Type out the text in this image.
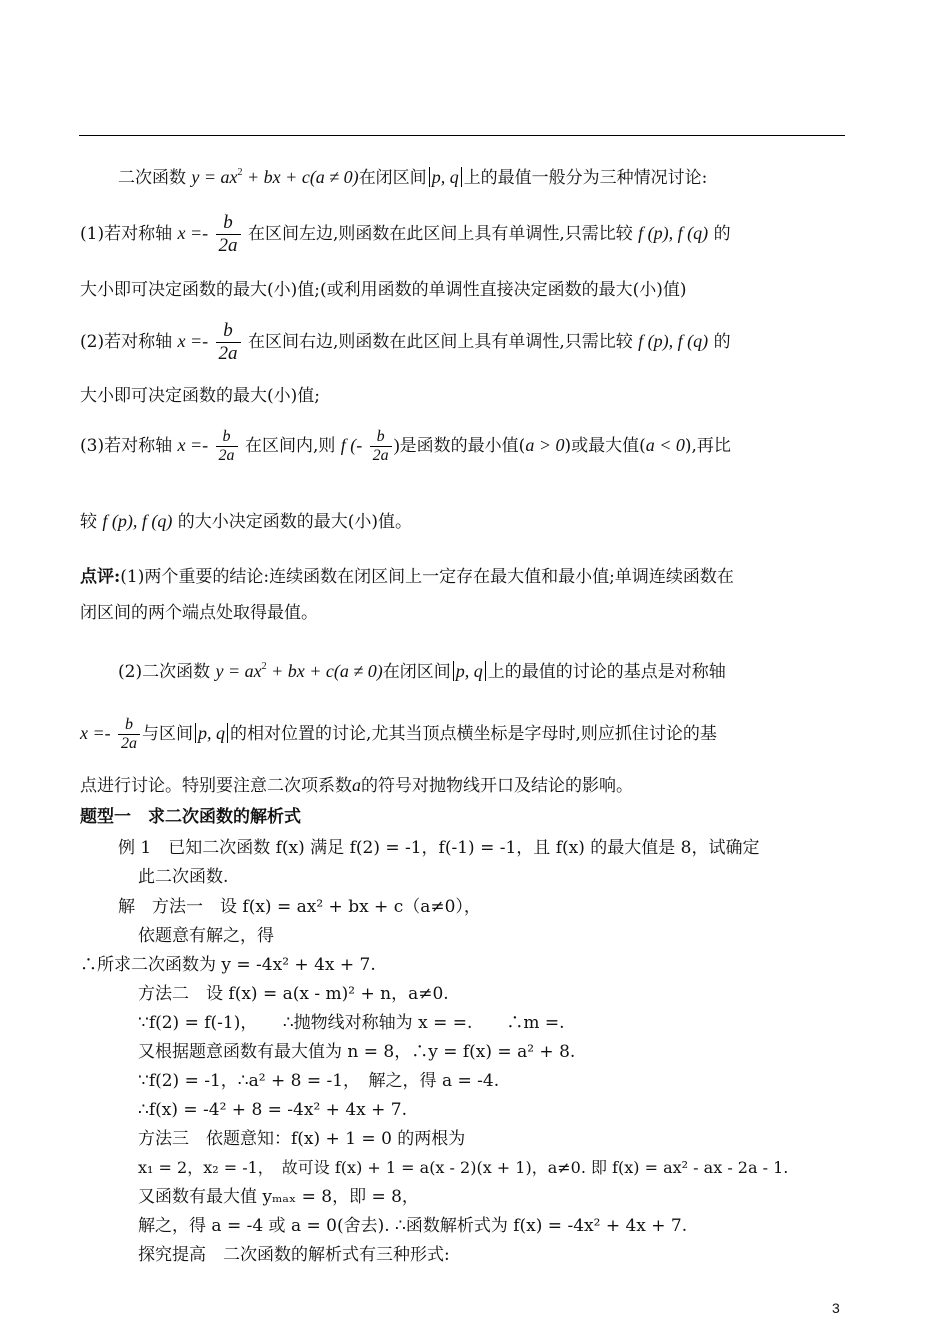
二次函数 $y = ax^2$ + bx + c(a ≠ 0)在闭区间 p, q 上的最值一般分为三种情况讨论:
(1)若对称轴 $x =- \frac{b}{2a}$ 在区间左边,则函数在此区间上具有单调性,只需比较 f (p), f (q) 的
大小即可决定函数的最大(小)值;(或利用函数的单调性直接决定函数的最大(小)值)
(2)若对称轴 $x =- \frac{b}{2a}$ 在区间右边,则函数在此区间上具有单调性,只需比较 f (p), f (q) 的
大小即可决定函数的最大(小)值;
(3)若对称轴 $x =- \frac{b}{2a}$ 在区间内,则 f (- $\frac{b}{2a}$ )是函数的最小值(a > 0)或最大值(a < 0),再比
较 f (p), f (q) 的大小决定函数的最大(小)值。
点评:(1)两个重要的结论:连续函数在闭区间上一定存在最大值和最小值;单调连续函数在
闭区间的两个端点处取得最值。
(2)二次函数 $y = ax^2$ + bx + c(a ≠ 0)在闭区间 p, q 上的最值的讨论的基点是对称轴
$x =- \frac{b}{2a}$ 与区间 p, q 的相对位置的讨论,尤其当顶点横坐标是字母时,则应抓住讨论的基
点进行讨论。特别要注意二次项系数a的符号对抛物线开口及结论的影响。
题型一　求二次函数的解析式
例 1　已知二次函数 f(x) 满足 f(2) = -1，f(-1) = -1，且 f(x) 的最大值是 8，试确定
此二次函数.
解　方法一　设 f(x) = ax² + bx + c（a≠0），
依题意有解之，得
∴所求二次函数为 y = -4x² + 4x + 7.
方法二　设 f(x) = a(x - m)² + n，a≠0.
∵f(2) = f(-1)，　　∴抛物线对称轴为 x = =.　　∴m =.
又根据题意函数有最大值为 n = 8，∴y = f(x) = a² + 8.
∵f(2) = -1，∴a² + 8 = -1，　解之，得 a = -4.
∴f(x) = -4² + 8 = -4x² + 4x + 7.
方法三　依题意知：f(x) + 1 = 0 的两根为
x₁ = 2，x₂ = -1，　故可设 f(x) + 1 = a(x - 2)(x + 1)，a≠0. 即 f(x) = ax² - ax - 2a - 1.
又函数有最大值 yₘₐₓ = 8，即 = 8，
解之，得 a = -4 或 a = 0(舍去). ∴函数解析式为 f(x) = -4x² + 4x + 7.
探究提高　二次函数的解析式有三种形式:
3
